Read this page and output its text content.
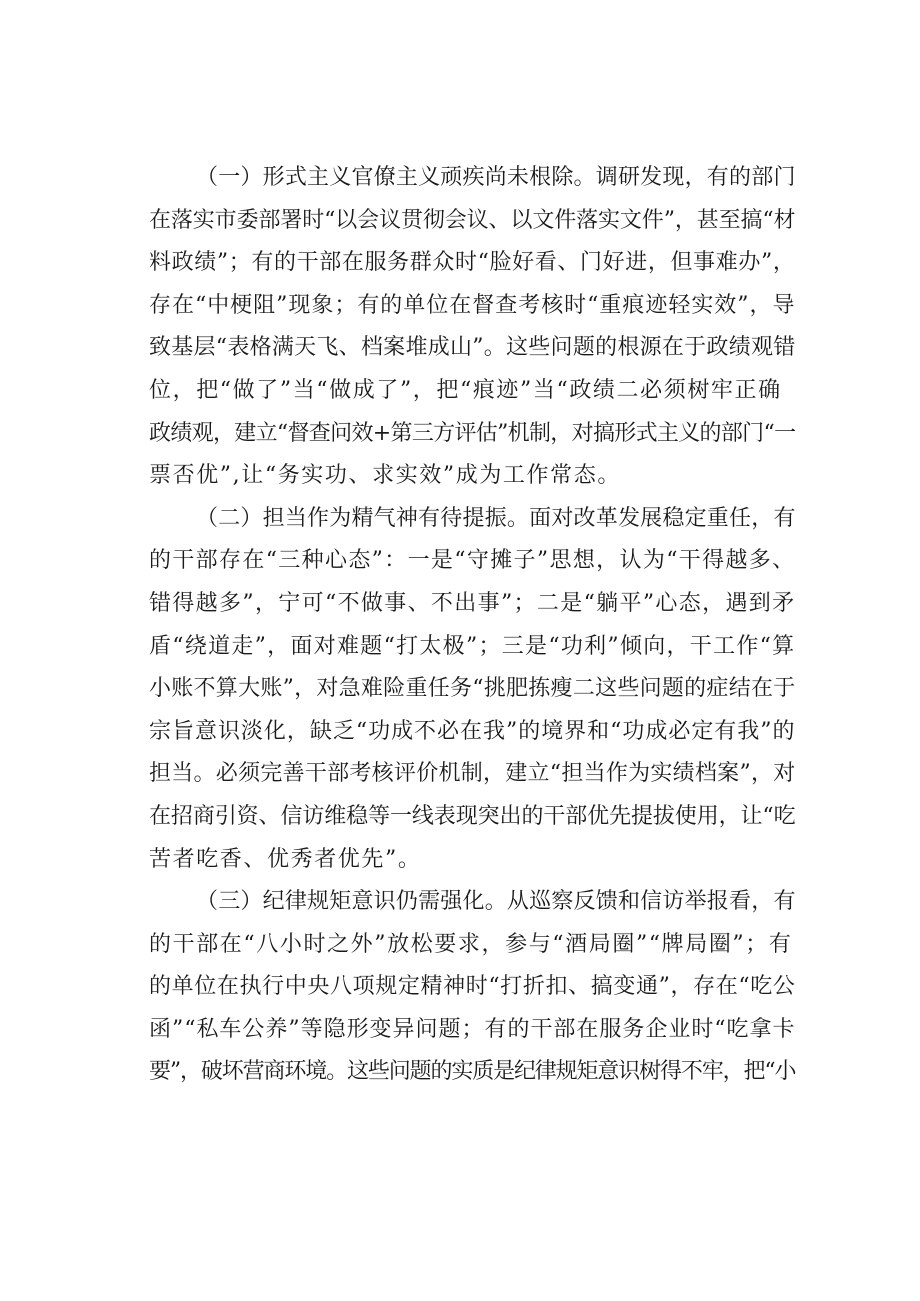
（一）形式主义官僚主义顽疾尚未根除。调研发现，有的部门
在落实市委部署时“以会议贯彻会议、以文件落实文件”，甚至搞“材
料政绩”；有的干部在服务群众时“脸好看、门好进，但事难办”，
存在“中梗阻”现象；有的单位在督查考核时“重痕迹轻实效”，导
致基层“表格满天飞、档案堆成山”。这些问题的根源在于政绩观错
位，把“做了”当“做成了”，把“痕迹”当“政绩二必须树牢正确
政绩观，建立“督查问效+第三方评估”机制，对搞形式主义的部门“一
票否优”,让“务实功、求实效”成为工作常态。

（二）担当作为精气神有待提振。面对改革发展稳定重任，有
的干部存在“三种心态”：一是“守摊子”思想，认为“干得越多、
错得越多”，宁可“不做事、不出事”；二是“躺平”心态，遇到矛
盾“绕道走”，面对难题“打太极”；三是“功利”倾向，干工作“算
小账不算大账”，对急难险重任务“挑肥拣瘦二这些问题的症结在于
宗旨意识淡化，缺乏“功成不必在我”的境界和“功成必定有我”的
担当。必须完善干部考核评价机制，建立“担当作为实绩档案”，对
在招商引资、信访维稳等一线表现突出的干部优先提拔使用，让“吃
苦者吃香、优秀者优先”。

（三）纪律规矩意识仍需强化。从巡察反馈和信访举报看，有
的干部在“八小时之外”放松要求，参与“酒局圈”“牌局圈”；有
的单位在执行中央八项规定精神时“打折扣、搞变通”，存在“吃公
函”“私车公养”等隐形变异问题；有的干部在服务企业时“吃拿卡
要”，破坏营商环境。这些问题的实质是纪律规矩意识树得不牢，把“小
